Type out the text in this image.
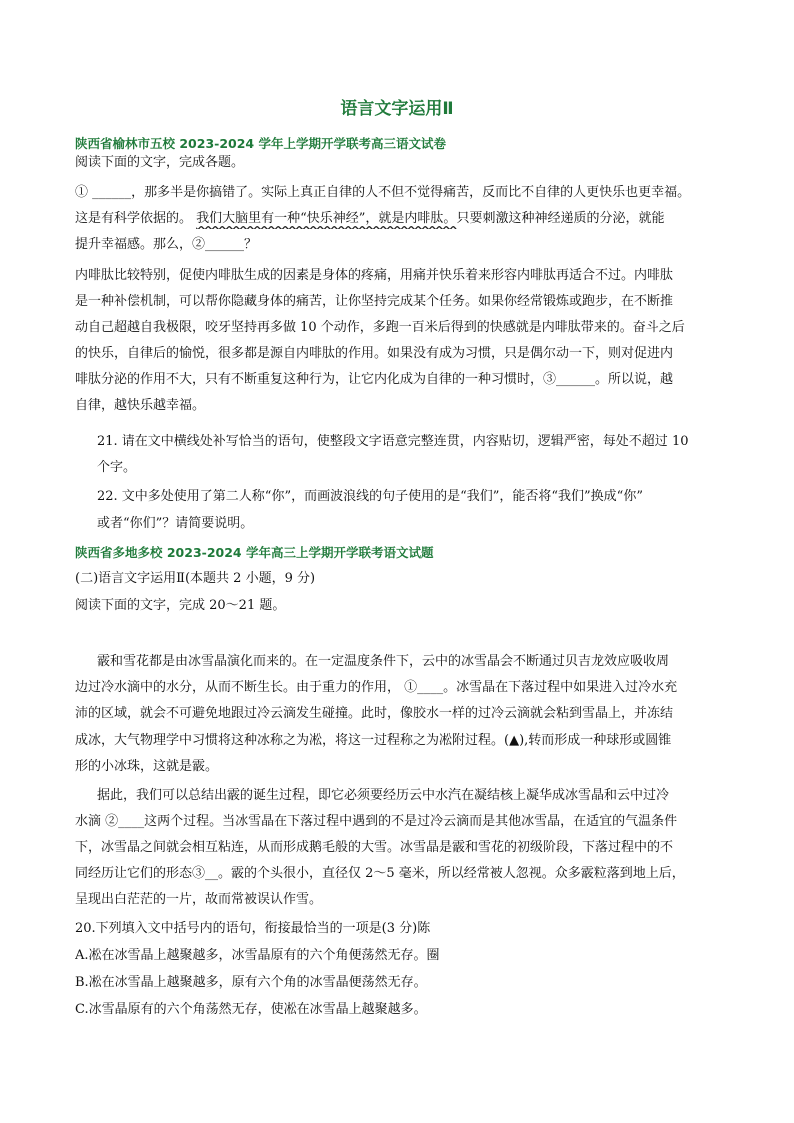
语言文字运用Ⅱ
陕西省榆林市五校 2023-2024 学年上学期开学联考高三语文试卷
阅读下面的文字，完成各题。
① ______，那多半是你搞错了。实际上真正自律的人不但不觉得痛苦，反而比不自律的人更快乐也更幸福。
这是有科学依据的。 我们大脑里有一种“快乐神经”，就是内啡肽。只要刺激这种神经递质的分泌，就能
提升幸福感。那么，②______？
内啡肽比较特别，促使内啡肽生成的因素是身体的疼痛，用痛并快乐着来形容内啡肽再适合不过。内啡肽
是一种补偿机制，可以帮你隐藏身体的痛苦，让你坚持完成某个任务。如果你经常锻炼或跑步，在不断推
动自己超越自我极限，咬牙坚持再多做 10 个动作，多跑一百米后得到的快感就是内啡肽带来的。奋斗之后
的快乐，自律后的愉悦，很多都是源自内啡肽的作用。如果没有成为习惯，只是偶尔动一下，则对促进内
啡肽分泌的作用不大，只有不断重复这种行为，让它内化成为自律的一种习惯时，③______。所以说，越
自律，越快乐越幸福。
21. 请在文中横线处补写恰当的语句，使整段文字语意完整连贯，内容贴切，逻辑严密，每处不超过 10
个字。
22. 文中多处使用了第二人称“你”，而画波浪线的句子使用的是“我们”，能否将“我们”换成“你”
或者“你们”？请简要说明。
陕西省多地多校 2023-2024 学年高三上学期开学联考语文试题
(二)语言文字运用Ⅱ(本题共 2 小题，9 分)
阅读下面的文字，完成 20～21 题。
霰和雪花都是由冰雪晶演化而来的。在一定温度条件下，云中的冰雪晶会不断通过贝吉龙效应吸收周
边过冷水滴中的水分，从而不断生长。由于重力的作用， ①____。冰雪晶在下落过程中如果进入过冷水充
沛的区域，就会不可避免地跟过冷云滴发生碰撞。此时，像胶水一样的过冷云滴就会粘到雪晶上，并冻结
成冰，大气物理学中习惯将这种冰称之为凇，将这一过程称之为凇附过程。(▲),转而形成一种球形或圆锥
形的小冰珠，这就是霰。
据此，我们可以总结出霰的诞生过程，即它必须要经历云中水汽在凝结核上凝华成冰雪晶和云中过冷
水滴 ②____这两个过程。当冰雪晶在下落过程中遇到的不是过冷云滴而是其他冰雪晶，在适宜的气温条件
下，冰雪晶之间就会相互粘连，从而形成鹅毛般的大雪。冰雪晶是霰和雪花的初级阶段，下落过程中的不
同经历让它们的形态③__。霰的个头很小，直径仅 2～5 毫米，所以经常被人忽视。众多霰粒落到地上后，
呈现出白茫茫的一片，故而常被误认作雪。
20.下列填入文中括号内的语句，衔接最恰当的一项是(3 分)陈
A.凇在冰雪晶上越聚越多，冰雪晶原有的六个角便荡然无存。圈
B.凇在冰雪晶上越聚越多，原有六个角的冰雪晶便荡然无存。
C.冰雪晶原有的六个角荡然无存，使凇在冰雪晶上越聚越多。
